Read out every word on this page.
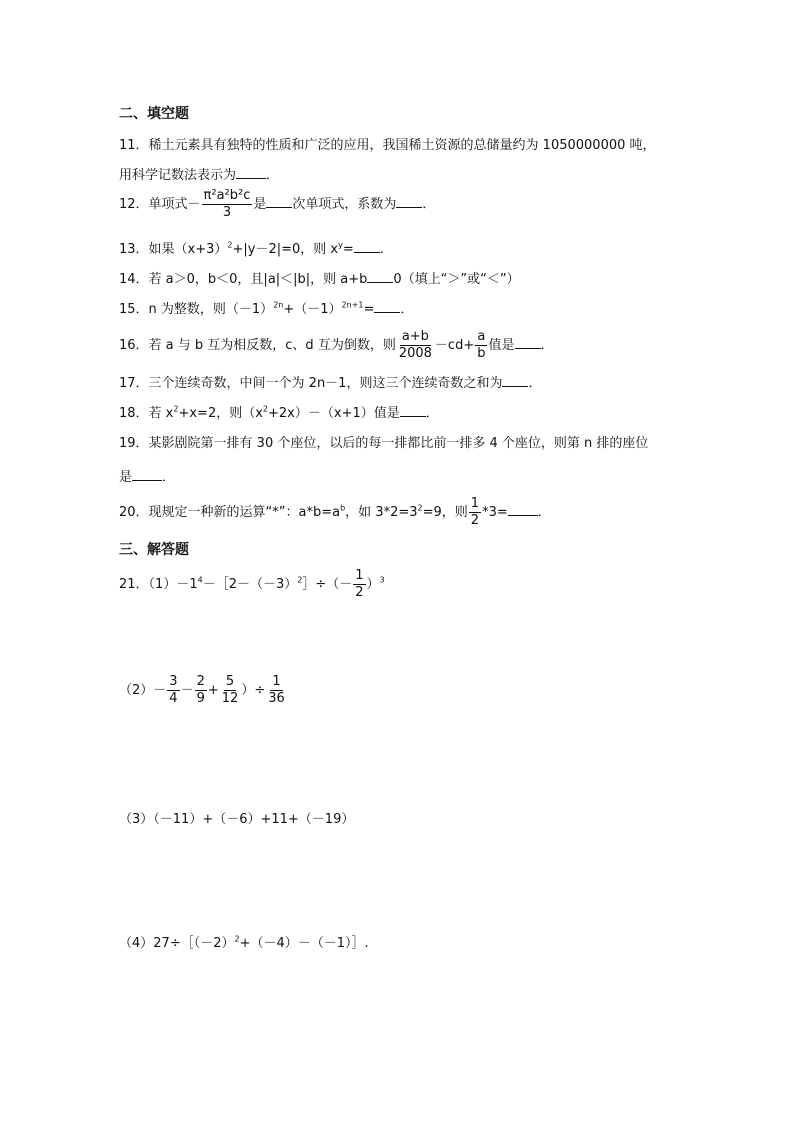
二、填空题
11．稀土元素具有独特的性质和广泛的应用，我国稀土资源的总储量约为 1050000000 吨，
用科学记数法表示为 ．
12．单项式－ $\frac{\text{π²a²b²c}}{3}$ 是 次单项式，系数为 ．
13．如果$(x+3)^2+|y-2|=0$，则 $x^y=$ ．
14．若 a＞0，b＜0，且|a|＜|b|，则 a+b 0（填上“＞”或“＜”）
15．n 为整数，则$(-1)^{2n}+(-1)^{2n+1}=$ ．
16．若 a 与 b 互为相反数，c、d 互为倒数，则 $\frac{a+b}{2008} -cd+ \frac{a}{b}$ 值是 ．
17．三个连续奇数，中间一个为 2n－1，则这三个连续奇数之和为 ．
18．若 $x^2+x=2$，则$(x^2+2x)-(x+1)$值是 ．
19．某影剧院第一排有 30 个座位，以后的每一排都比前一排多 4 个座位，则第 n 排的座位
是 ．
20．现规定一种新的运算“*”：$a*b=a^b$，如 $3*2=3^2=9$，则 $\frac{1}{2} *3=$ ．
三、解答题
21．$(1)-1^4-[2-(-3)^2]\div(- \frac{1}{2} )^3$
$(2)- \frac{3}{4} - \frac{2}{9} + \frac{5}{12}$ ）÷ $\frac{1}{36}$
（3）（－11）+（－6）+11+（－19）
$(4)27\div[(-2)^2+(-4)-(-1)]$.
